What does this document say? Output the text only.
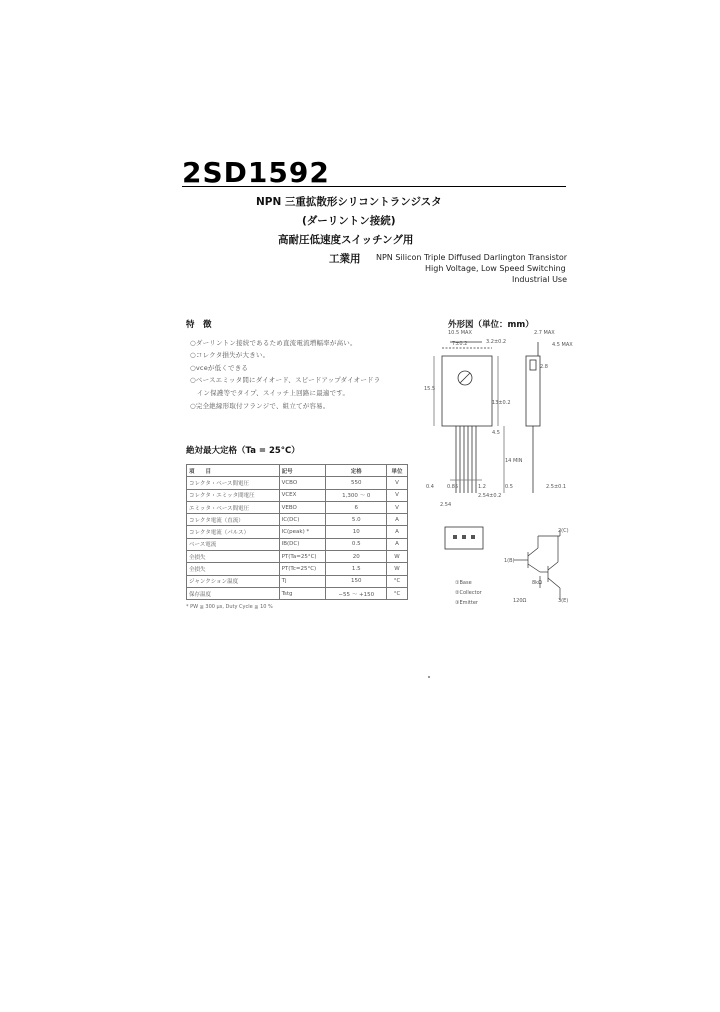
2SD1592
NPN 三重拡散形シリコントランジスタ
(ダーリントン接続)
高耐圧低速度スイッチング用
工業用 NPN Silicon Triple Diffused Darlington Transistor
High Voltage, Low Speed Switching
Industrial Use
特　徴
○ダーリントン接続であるため直流電流増幅率が高い。
○コレクタ損失が大きい。
○vceが低くできる
○ベースエミッタ間にダイオード、スピードアップダイオードラ
　イン保護等でタイプ、スイッチ上回路に最適です。
○完全絶縁形取付フランジで、組立てが容易。
外形図（単位：mm）
10.5 MAX
7±0.2	3.2±0.2
2.7 MAX
4.5 MAX
15.5
13±0.2
4.5
14 MIN
0.4	0.85	1.2	0.5	2.5±0.1
2.54
2.54±0.2
2.8
①Base
②Collector
③Emitter
2(C)
1(B)
3(E)
8kΩ
120Ω
絶対最大定格（Ta = 25°C）
項　　目	記号	定格	単位
コレクタ・ベース間電圧	VCBO	550	V
コレクタ・エミッタ間電圧	VCEX	1,300 ～ 0	V
エミッタ・ベース間電圧	VEBO	6	V
コレクタ電流（直流）	IC(DC)	5.0	A
コレクタ電流（パルス）	IC(peak) *	10	A
ベース電流	IB(DC)	0.5	A
全損失	PT(Ta=25°C)	20	W
全損失	PT(Tc=25°C)	1.5	W
ジャンクション温度	Tj	150	°C
保存温度	Tstg	−55 ～ +150	°C
* PW ≦ 300 μs, Duty Cycle ≦ 10 %
